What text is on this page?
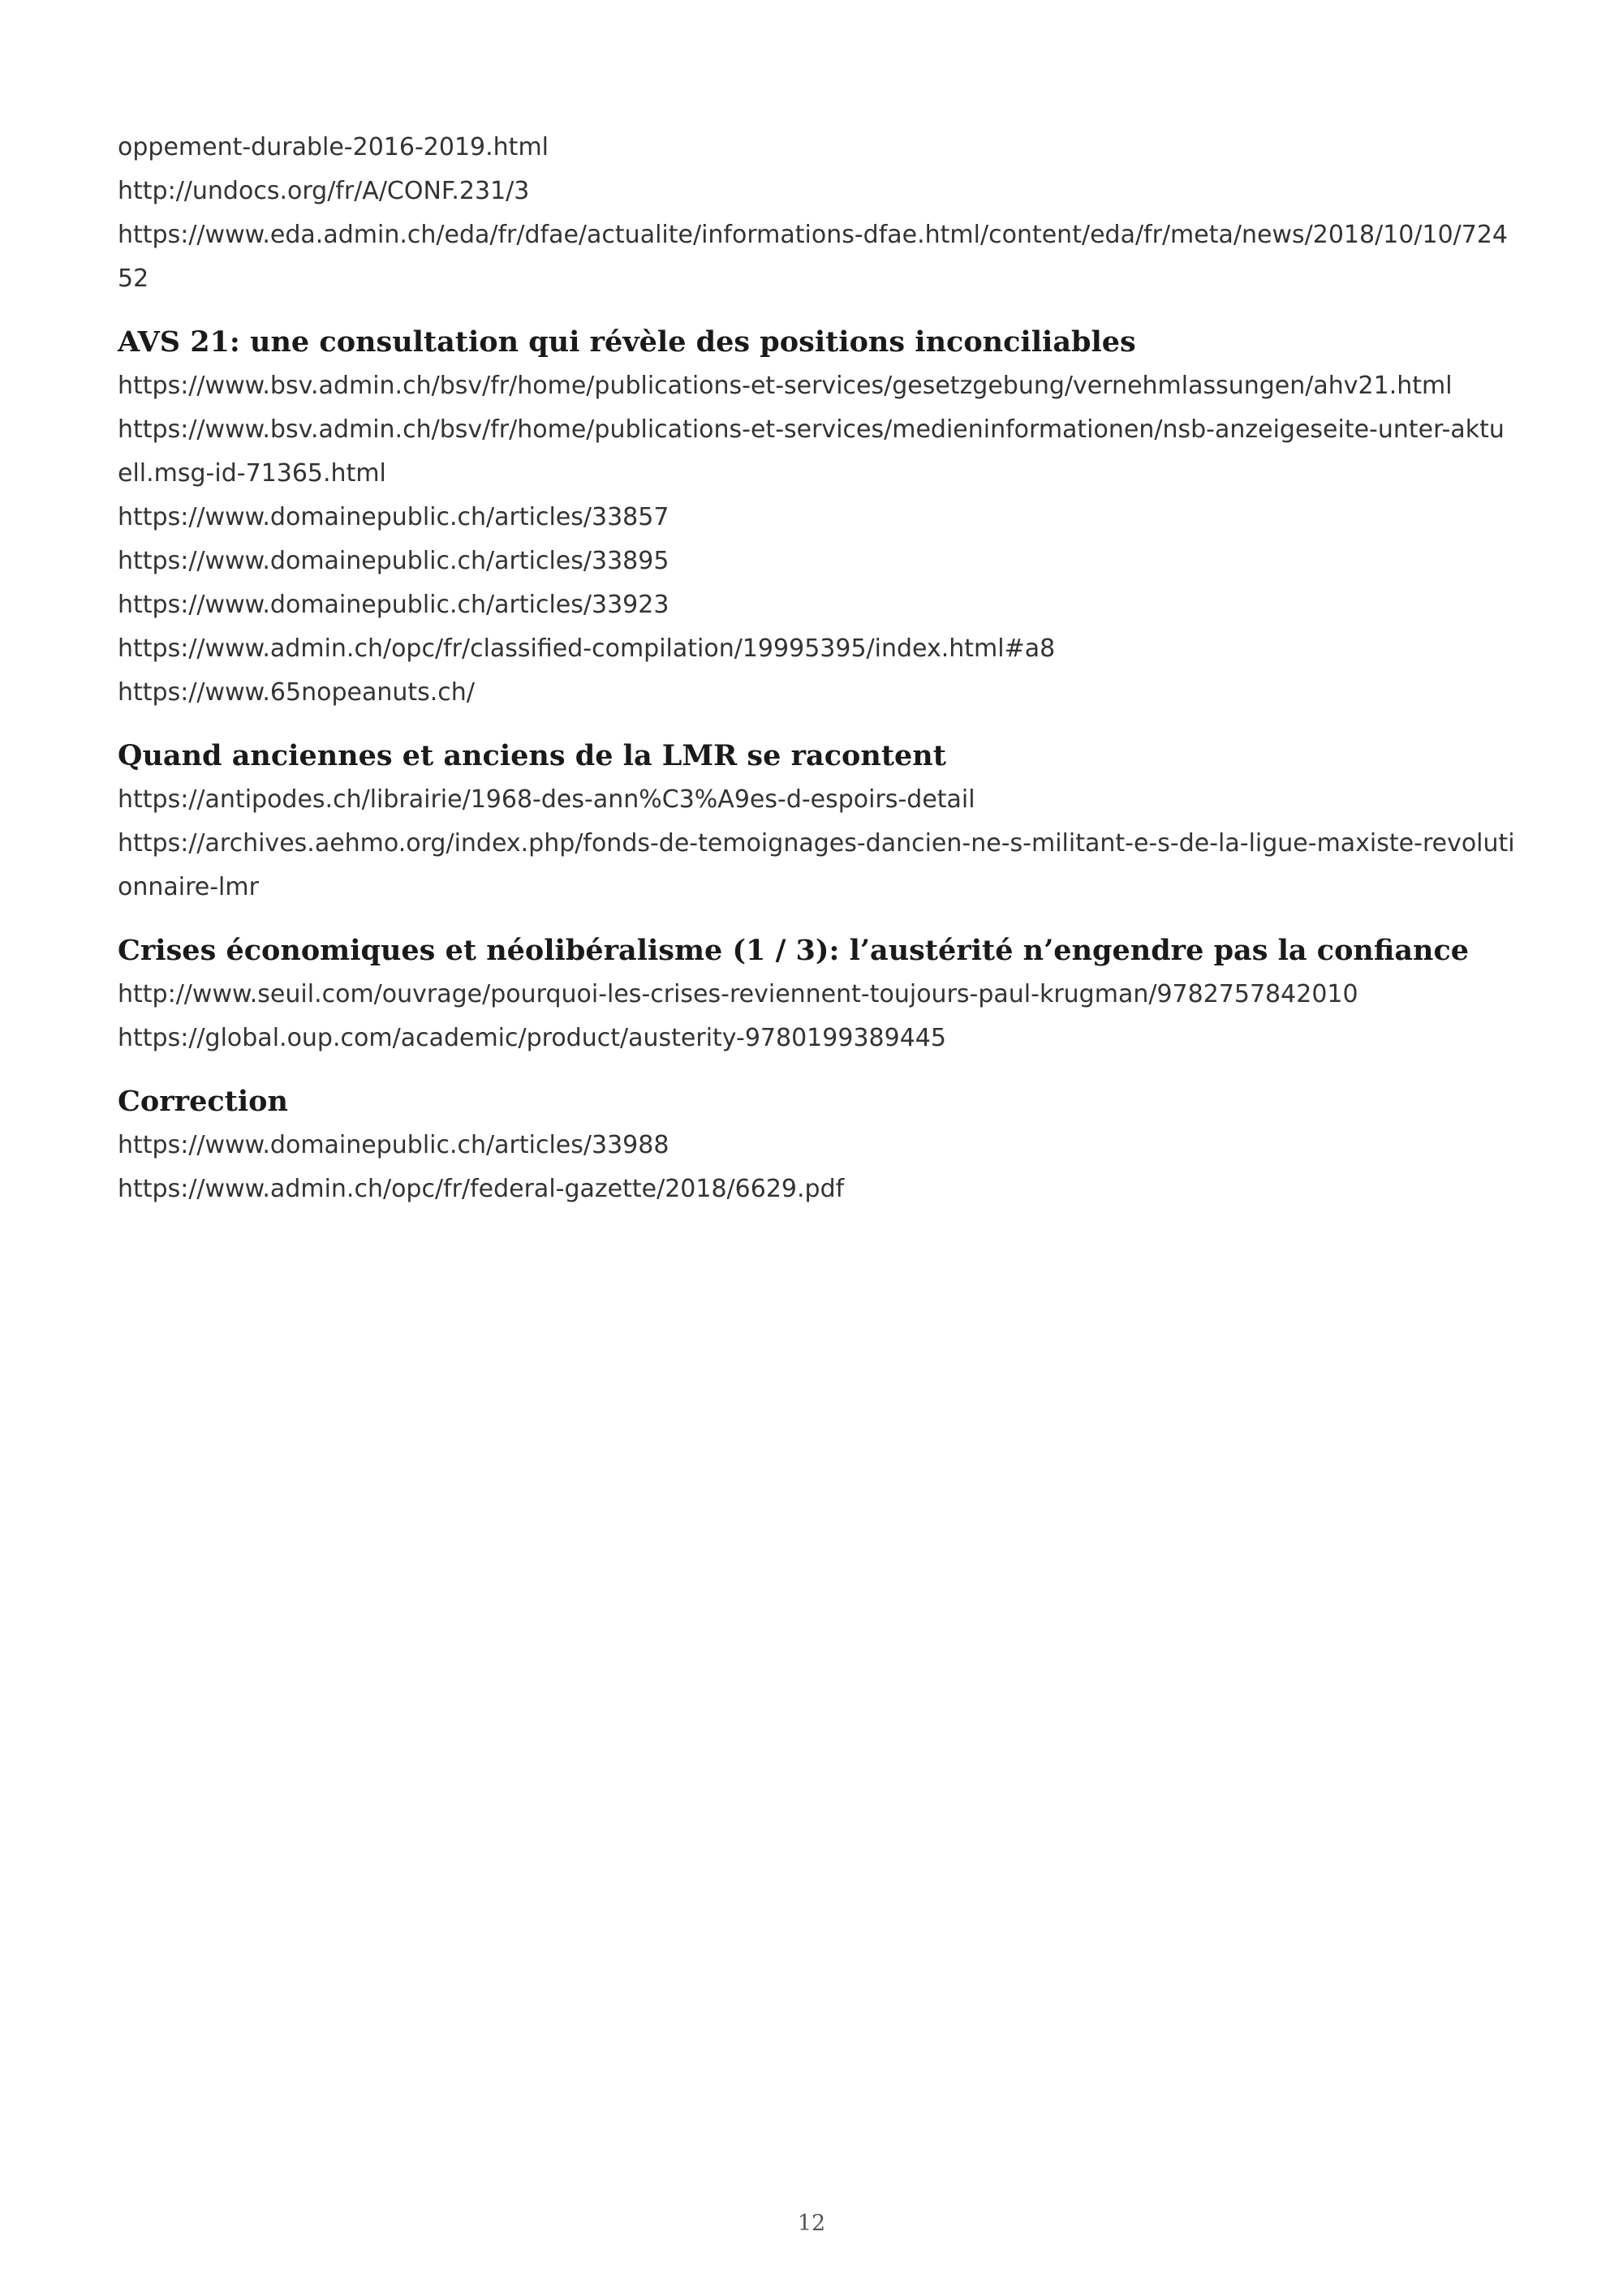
oppement-durable-2016-2019.html

http://undocs.org/fr/A/CONF.231/3

https://www.eda.admin.ch/eda/fr/dfae/actualite/informations-dfae.html/content/eda/fr/meta/news/2018/10/10/72452

AVS 21: une consultation qui révèle des positions inconciliables

https://www.bsv.admin.ch/bsv/fr/home/publications-et-services/gesetzgebung/vernehmlassungen/ahv21.html

https://www.bsv.admin.ch/bsv/fr/home/publications-et-services/medieninformationen/nsb-anzeigeseite-unter-aktuell.msg-id-71365.html

https://www.domainepublic.ch/articles/33857

https://www.domainepublic.ch/articles/33895

https://www.domainepublic.ch/articles/33923

https://www.admin.ch/opc/fr/classified-compilation/19995395/index.html#a8

https://www.65nopeanuts.ch/

Quand anciennes et anciens de la LMR se racontent

https://antipodes.ch/librairie/1968-des-ann%C3%A9es-d-espoirs-detail

https://archives.aehmo.org/index.php/fonds-de-temoignages-dancien-ne-s-militant-e-s-de-la-ligue-maxiste-revolutionnaire-lmr

Crises économiques et néolibéralisme (1 / 3): l’austérité n’engendre pas la confiance

http://www.seuil.com/ouvrage/pourquoi-les-crises-reviennent-toujours-paul-krugman/9782757842010

https://global.oup.com/academic/product/austerity-9780199389445

Correction

https://www.domainepublic.ch/articles/33988

https://www.admin.ch/opc/fr/federal-gazette/2018/6629.pdf

12
